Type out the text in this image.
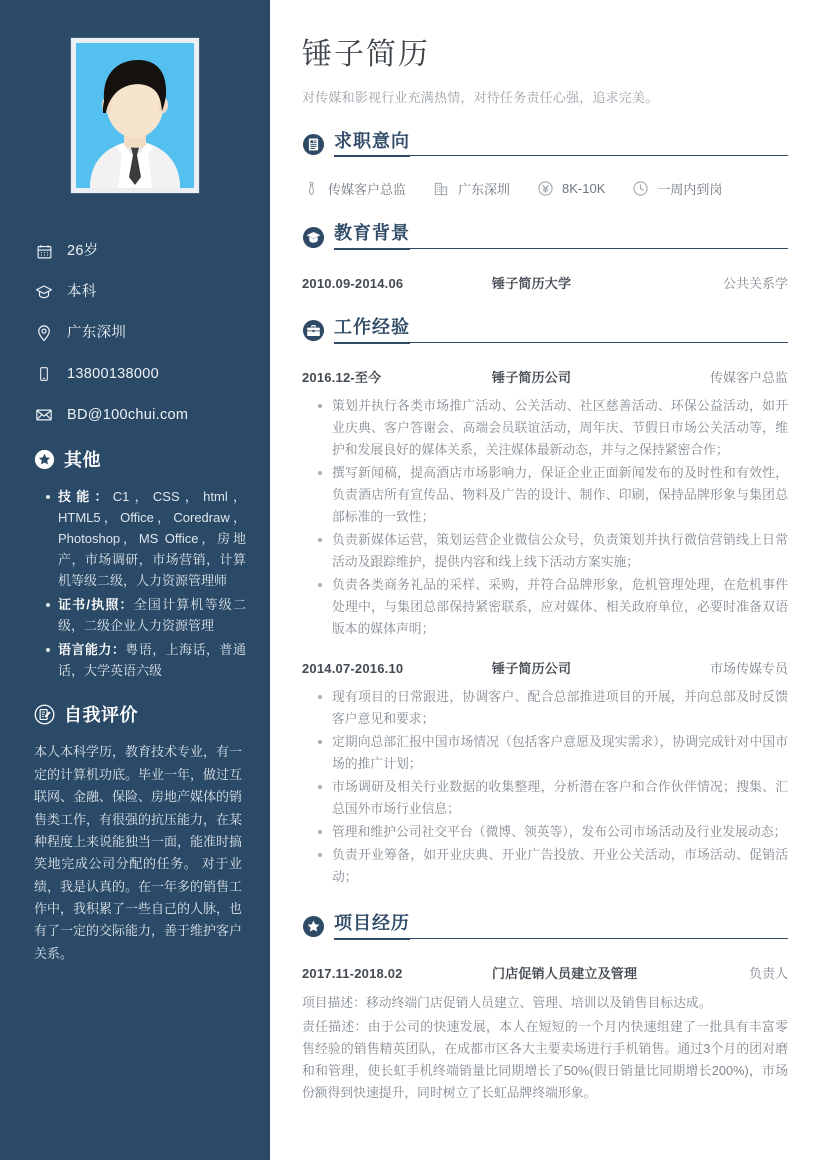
26岁
本科
广东深圳
13800138000
BD@100chui.com
其他
技能：C1，CSS，html，HTML5，Office，Coredraw，Photoshop，MS Office，房地产，市场调研，市场营销，计算机等级二级，人力资源管理师
证书/执照：全国计算机等级二级，二级企业人力资源管理
语言能力：粤语，上海话，普通话，大学英语六级
自我评价

本人本科学历，教育技术专业，有一定的计算机功底。毕业一年，做过互联网、金融、保险、房地产媒体的销售类工作，有很强的抗压能力，在某种程度上来说能独当一面，能准时搞笑地完成公司分配的任务。 对于业绩，我是认真的。在一年多的销售工作中，我积累了一些自己的人脉，也有了一定的交际能力，善于维护客户关系。

锤子简历

对传媒和影视行业充满热情，对待任务责任心强，追求完美。

求职意向
传媒客户总监	广东深圳	8K-10K	一周内到岗
教育背景
2010.09-2014.06	锤子简历大学	公共关系学
工作经验
2016.12-至今	锤子简历公司	传媒客户总监
策划并执行各类市场推广活动、公关活动、社区慈善活动、环保公益活动，如开业庆典、客户答谢会、高端会员联谊活动，周年庆、节假日市场公关活动等，维护和发展良好的媒体关系，关注媒体最新动态，并与之保持紧密合作；
撰写新闻稿，提高酒店市场影响力，保证企业正面新闻发布的及时性和有效性，负责酒店所有宣传品、物料及广告的设计、制作、印刷，保持品牌形象与集团总部标准的一致性；
负责新媒体运营，策划运营企业微信公众号，负责策划并执行微信营销线上日常活动及跟踪维护，提供内容和线上线下活动方案实施；
负责各类商务礼品的采样、采购，并符合品牌形象，危机管理处理，在危机事件处理中，与集团总部保持紧密联系，应对媒体、相关政府单位，必要时准备双语版本的媒体声明；
2014.07-2016.10	锤子简历公司	市场传媒专员
现有项目的日常跟进，协调客户、配合总部推进项目的开展，并向总部及时反馈客户意见和要求；
定期向总部汇报中国市场情况（包括客户意愿及现实需求），协调完成针对中国市场的推广计划；
市场调研及相关行业数据的收集整理，分析潜在客户和合作伙伴情况；搜集、汇总国外市场行业信息；
管理和维护公司社交平台（微博、领英等），发布公司市场活动及行业发展动态；
负责开业筹备，如开业庆典、开业广告投放、开业公关活动，市场活动、促销活动；
项目经历
2017.11-2018.02	门店促销人员建立及管理	负责人

项目描述：移动终端门店促销人员建立、管理、培训以及销售目标达成。

责任描述：由于公司的快速发展，本人在短短的一个月内快速组建了一批具有丰富零售经验的销售精英团队，在成都市区各大主要卖场进行手机销售。通过3个月的团对磨和和管理，使长虹手机终端销量比同期增长了50%(假日销量比同期增长200%)，市场份额得到快速提升，同时树立了长虹品牌终端形象。
